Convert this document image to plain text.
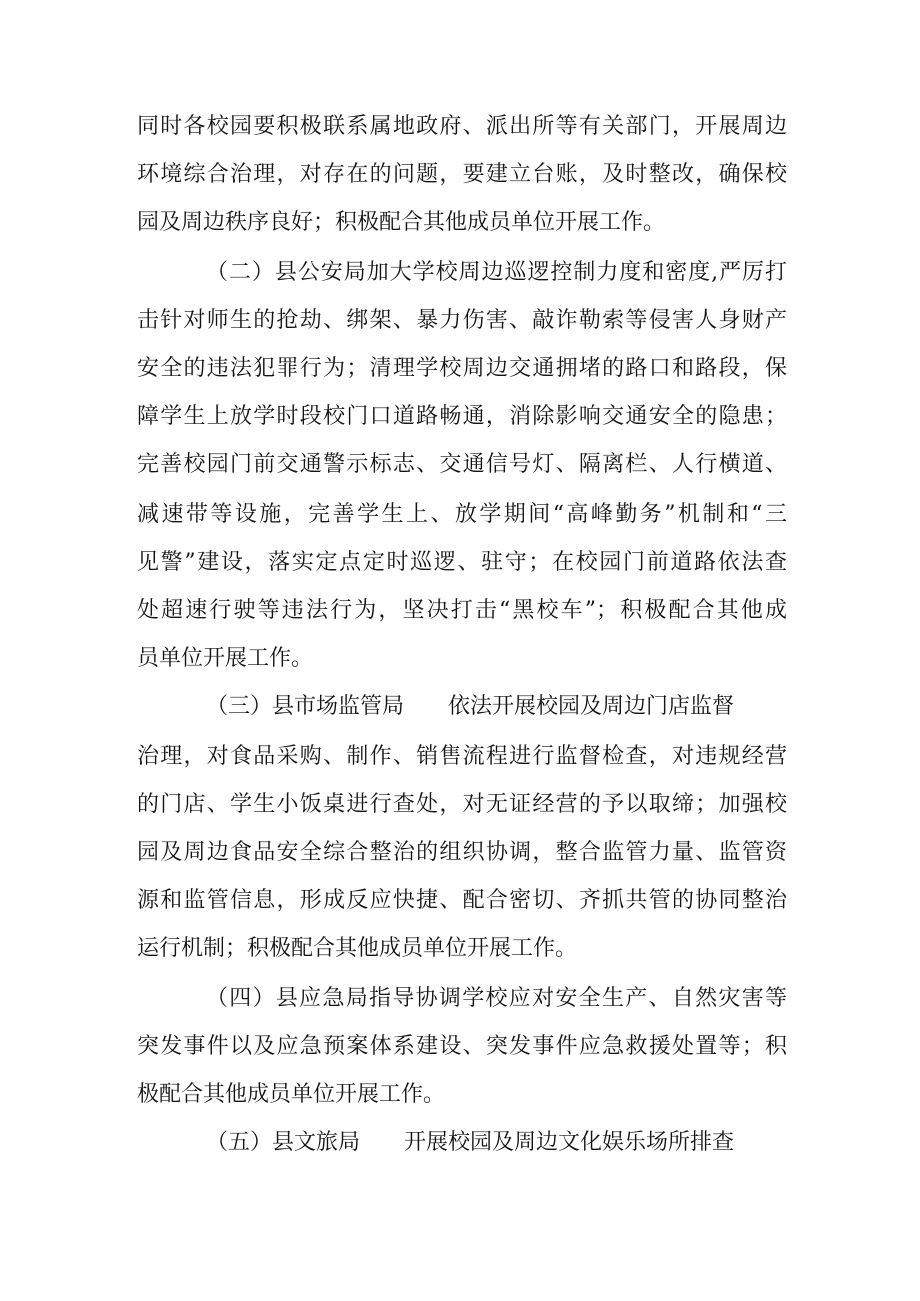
同时各校园要积极联系属地政府、派出所等有关部门，开展周边
环境综合治理，对存在的问题，要建立台账，及时整改，确保校
园及周边秩序良好；积极配合其他成员单位开展工作。
（二）县公安局加大学校周边巡逻控制力度和密度,严厉打
击针对师生的抢劫、绑架、暴力伤害、敲诈勒索等侵害人身财产
安全的违法犯罪行为；清理学校周边交通拥堵的路口和路段，保
障学生上放学时段校门口道路畅通，消除影响交通安全的隐患；
完善校园门前交通警示标志、交通信号灯、隔离栏、人行横道、
减速带等设施，完善学生上、放学期间“高峰勤务”机制和“三
见警”建设，落实定点定时巡逻、驻守；在校园门前道路依法查
处超速行驶等违法行为，坚决打击“黑校车”；积极配合其他成
员单位开展工作。
（三）县市场监管局　　依法开展校园及周边门店监督
治理，对食品采购、制作、销售流程进行监督检查，对违规经营
的门店、学生小饭桌进行查处，对无证经营的予以取缔；加强校
园及周边食品安全综合整治的组织协调，整合监管力量、监管资
源和监管信息，形成反应快捷、配合密切、齐抓共管的协同整治
运行机制；积极配合其他成员单位开展工作。
（四）县应急局指导协调学校应对安全生产、自然灾害等
突发事件以及应急预案体系建设、突发事件应急救援处置等；积
极配合其他成员单位开展工作。
（五）县文旅局　　开展校园及周边文化娱乐场所排查
